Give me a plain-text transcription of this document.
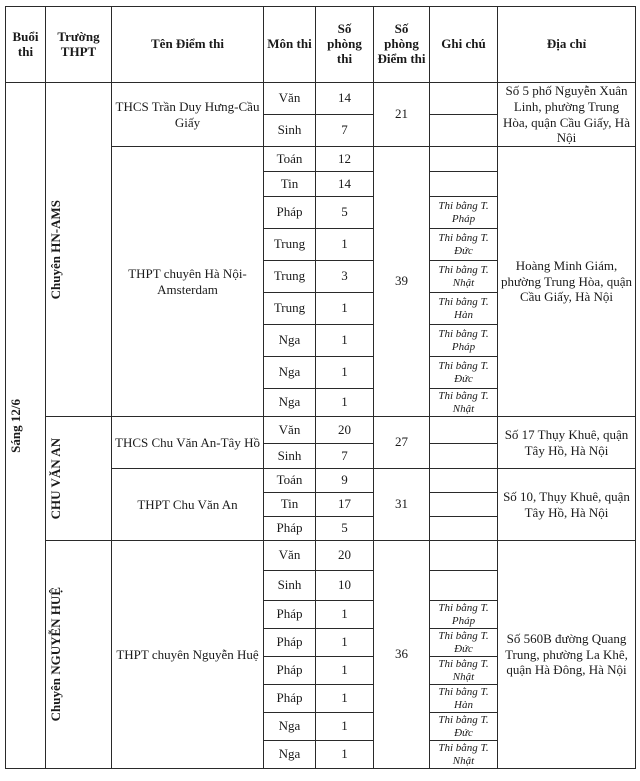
Buổi thi	Trường THPT	Tên Điểm thi	Môn thi	Số phòng thi	Số phòng Điểm thi	Ghi chú	Địa chỉ

Sáng 12/6	Chuyên HN-AMS	THCS Trần Duy Hưng-Cầu Giấy	Văn	14	21		Số 5 phố Nguyễn Xuân Linh, phường Trung Hòa, quận Cầu Giấy, Hà Nội
			Sinh	7			
		THPT chuyên Hà Nội-Amsterdam	Toán	12	39		Hoàng Minh Giám, phường Trung Hòa, quận Cầu Giấy, Hà Nội
			Tin	14			
			Pháp	5		Thi bằng T. Pháp	
			Trung	1		Thi bằng T. Đức	
			Trung	3		Thi bằng T. Nhật	
			Trung	1		Thi bằng T. Hàn	
			Nga	1		Thi bằng T. Pháp	
			Nga	1		Thi bằng T. Đức	
			Nga	1		Thi bằng T. Nhật	

	CHU VĂN AN	THCS Chu Văn An-Tây Hồ	Văn	20	27		Số 17 Thụy Khuê, quận Tây Hồ, Hà Nội
			Sinh	7			
		THPT Chu Văn An	Toán	9	31		Số 10, Thụy Khuê, quận Tây Hồ, Hà Nội
			Tin	17			
			Pháp	5			

	Chuyên NGUYỄN HUỆ	THPT chuyên Nguyễn Huệ	Văn	20	36		Số 560B đường Quang Trung, phường La Khê, quận Hà Đông, Hà Nội
			Sinh	10			
			Pháp	1		Thi bằng T. Pháp	
			Pháp	1		Thi bằng T. Đức	
			Pháp	1		Thi bằng T. Nhật	
			Pháp	1		Thi bằng T. Hàn	
			Nga	1		Thi bằng T. Đức	
			Nga	1		Thi bằng T. Nhật	
